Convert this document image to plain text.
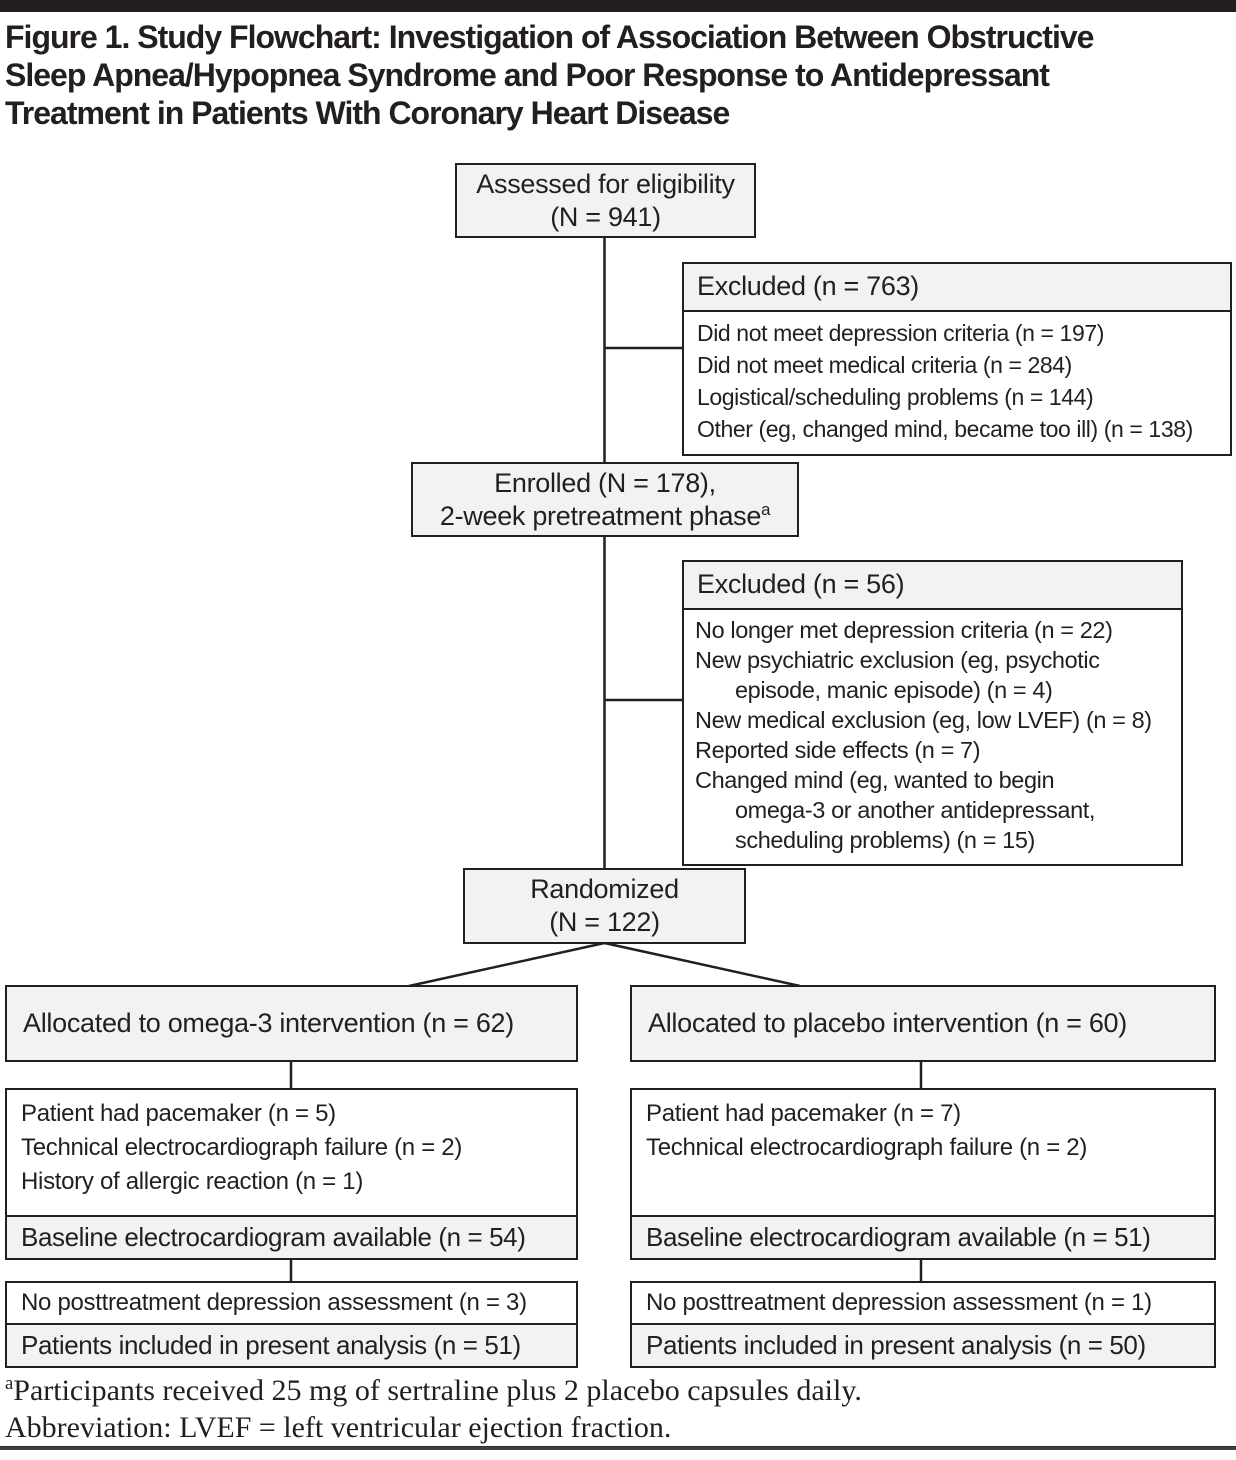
Figure 1. Study Flowchart: Investigation of Association Between Obstructive
Sleep Apnea/Hypopnea Syndrome and Poor Response to Antidepressant
Treatment in Patients With Coronary Heart Disease
Assessed for eligibility
(N = 941)
Excluded (n = 763)
Did not meet depression criteria (n = 197)
Did not meet medical criteria (n = 284)
Logistical/scheduling problems (n = 144)
Other (eg, changed mind, became too ill) (n = 138)
Enrolled (N = 178),
2-week pretreatment phase$^a$
Excluded (n = 56)
No longer met depression criteria (n = 22)
New psychiatric exclusion (eg, psychotic
episode, manic episode) (n = 4)
New medical exclusion (eg, low LVEF) (n = 8)
Reported side effects (n = 7)
Changed mind (eg, wanted to begin
omega-3 or another antidepressant,
scheduling problems) (n = 15)
Randomized
(N = 122)
Allocated to omega-3 intervention (n = 62)
Patient had pacemaker (n = 5)
Technical electrocardiograph failure (n = 2)
History of allergic reaction (n = 1)
Baseline electrocardiogram available (n = 54)
No posttreatment depression assessment (n = 3)
Patients included in present analysis (n = 51)
Allocated to placebo intervention (n = 60)
Patient had pacemaker (n = 7)
Technical electrocardiograph failure (n = 2)
Baseline electrocardiogram available (n = 51)
No posttreatment depression assessment (n = 1)
Patients included in present analysis (n = 50)
$^a$Participants received 25 mg of sertraline plus 2 placebo capsules daily.
Abbreviation: LVEF = left ventricular ejection fraction.
